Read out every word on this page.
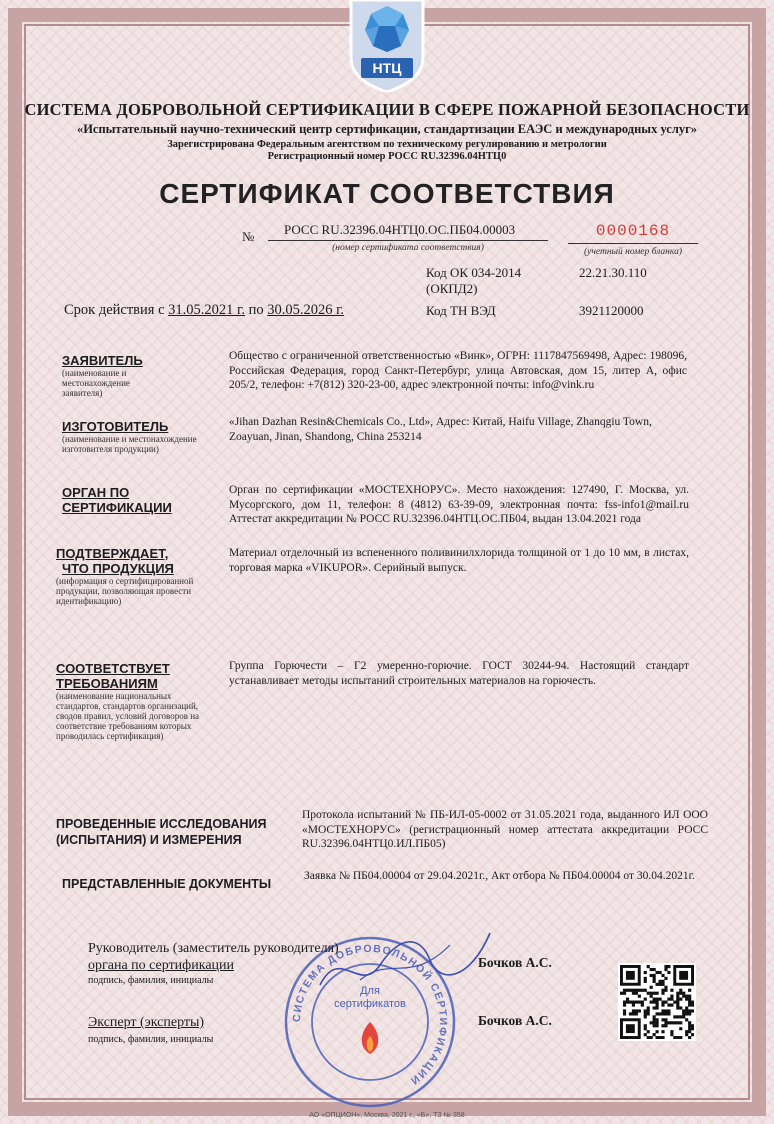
НТЦ
СИСТЕМА ДОБРОВОЛЬНОЙ СЕРТИФИКАЦИИ В СФЕРЕ ПОЖАРНОЙ БЕЗОПАСНОСТИ
«Испытательный научно-технический центр сертификации, стандартизации ЕАЭС и международных услуг»
Зарегистрирована Федеральным агентством по техническому регулированию и метрологии
Регистрационный номер РОСС RU.32396.04НТЦ0
СЕРТИФИКАТ СООТВЕТСТВИЯ
№	РОСС RU.32396.04НТЦ0.ОС.ПБ04.00003
(номер сертификата соответствия)
0000168
(учетный номер бланка)
Код ОК 034-2014
(ОКПД2)
22.21.30.110
Код ТН ВЭД	3921120000
Срок действия с 31.05.2021 г. по 30.05.2026 г.
ЗАЯВИТЕЛЬ
(наименование и местонахождение заявителя)
Общество с ограниченной ответственностью «Винк», ОГРН: 1117847569498, Адрес: 198096, Российская Федерация, город Санкт-Петербург, улица Автовская, дом 15, литер А, офис 205/2, телефон: +7(812) 320-23-00, адрес электронной почты: info@vink.ru
ИЗГОТОВИТЕЛЬ
(наименование и местонахождение изготовителя продукции)
«Jihan Dazhan Resin&Chemicals Co., Ltd», Адрес: Китай, Haifu Village, Zhanqgiu Town, Zoayuan, Jinan, Shandong, China 253214
ОРГАН ПО
СЕРТИФИКАЦИИ
Орган по сертификации «МОСТЕХНОРУС». Место нахождения: 127490, Г. Москва, ул. Мусоргского, дом 11, телефон: 8 (4812) 63-39-09, электронная почта: fss-info1@mail.ru Аттестат аккредитации № РОСС RU.32396.04НТЦ.ОС.ПБ04, выдан 13.04.2021 года
ПОДТВЕРЖДАЕТ,
ЧТО ПРОДУКЦИЯ
(информация о сертифицированной продукции, позволяющая провести идентификацию)
Материал отделочный из вспененного поливинилхлорида толщиной от 1 до 10 мм, в листах, торговая марка «VIKUPOR». Серийный выпуск.
СООТВЕТСТВУЕТ
ТРЕБОВАНИЯМ
(наименование национальных стандартов, стандартов организаций, сводов правил, условий договоров на соответствие требованиям которых проводилась сертификация)
Группа Горючести – Г2 умеренно-горючие. ГОСТ 30244-94. Настоящий стандарт устанавливает методы испытаний строительных материалов на горючесть.
ПРОВЕДЕННЫЕ ИССЛЕДОВАНИЯ
(ИСПЫТАНИЯ) И ИЗМЕРЕНИЯ
Протокола испытаний № ПБ-ИЛ-05-0002 от 31.05.2021 года, выданного ИЛ ООО «МОСТЕХНОРУС» (регистрационный номер аттестата аккредитации РОСС RU.32396.04НТЦ0.ИЛ.ПБ05)
ПРЕДСТАВЛЕННЫЕ ДОКУМЕНТЫ
Заявка № ПБ04.00004 от 29.04.2021г., Акт отбора № ПБ04.00004 от 30.04.2021г.
СИСТЕМА ДОБРОВОЛЬНОЙ СЕРТИФИКАЦИИ
Для
сертификатов
Руководитель (заместитель руководителя)
органа по сертификации
подпись, фамилия, инициалы
Бочков А.С.
Эксперт (эксперты)
подпись, фамилия, инициалы
Бочков А.С.
АО «ОПЦИОН», Москва, 2021 г., «Б», ТЗ № 358
